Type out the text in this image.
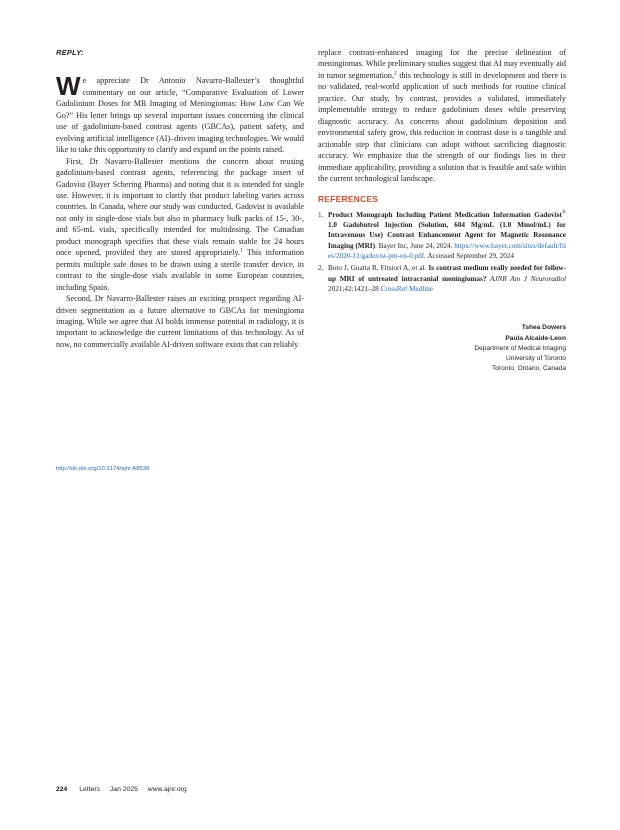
REPLY:

We appreciate Dr Antonio Navarro-Ballester’s thoughtful commentary on our article, “Comparative Evaluation of Lower Gadolinium Doses for MR Imaging of Meningiomas: How Low Can We Go?” His letter brings up several important issues concerning the clinical use of gadolinium-based contrast agents (GBCAs), patient safety, and evolving artificial intelligence (AI)–driven imaging technologies. We would like to take this opportunity to clarify and expand on the points raised.

First, Dr Navarro-Ballester mentions the concern about reusing gadolinium-based contrast agents, referencing the package insert of Gadovist (Bayer Schering Pharma) and noting that it is intended for single use. However, it is important to clarify that product labeling varies across countries. In Canada, where our study was conducted, Gadovist is available not only in single-dose vials but also in pharmacy bulk packs of 15-, 30-, and 65-mL vials, specifically intended for multidosing. The Canadian product monograph specifies that these vials remain stable for 24 hours once opened, provided they are stored appropriately.$^1$ This information permits multiple safe doses to be drawn using a sterile transfer device, in contrast to the single-dose vials available in some European countries, including Spain.

Second, Dr Navarro-Ballester raises an exciting prospect regarding AI-driven segmentation as a future alternative to GBCAs for meningioma imaging. While we agree that AI holds immense potential in radiology, it is important to acknowledge the current limitations of this technology. As of now, no commercially available AI-driven software exists that can reliably

replace contrast-enhanced imaging for the precise delineation of meningiomas. While preliminary studies suggest that AI may eventually aid in tumor segmentation,$^2$ this technology is still in development and there is no validated, real-world application of such methods for routine clinical practice. Our study, by contrast, provides a validated, immediately implementable strategy to reduce gadolinium doses while preserving diagnostic accuracy. As concerns about gadolinium deposition and environmental safety grow, this reduction in contrast dose is a tangible and actionable step that clinicians can adopt without sacrificing diagnostic accuracy. We emphasize that the strength of our findings lies in their immediate applicability, providing a solution that is feasible and safe within the current technological landscape.

REFERENCES
1. Product Monograph Including Patient Medication Information Gadovist® 1.0 Gadobutrol Injection (Solution, 604 Mg/mL (1.0 Mmol/mL) for Intravenous Use) Contrast Enhancement Agent for Magnetic Resonance Imaging (MRI). Bayer Inc, June 24, 2024. https://www.bayer.com/sites/default/files/2020-11/gadovist-pm-en-0.pdf. Accessed September 29, 2024
2. Boto J, Guatta R, Fitsiori A, et al. Is contrast medium really needed for follow-up MRI of untreated intracranial meningiomas? AJNR Am J Neuroradiol 2021;42:1421–28 CrossRef Medline
Tshea Dowers
Paula Alcaide-Leon
Department of Medical Imaging
University of Toronto
Toronto, Ontario, Canada
http://dx.doi.org/10.3174/ajnr.A8538
224 Letters Jan 2025 www.ajnr.org
